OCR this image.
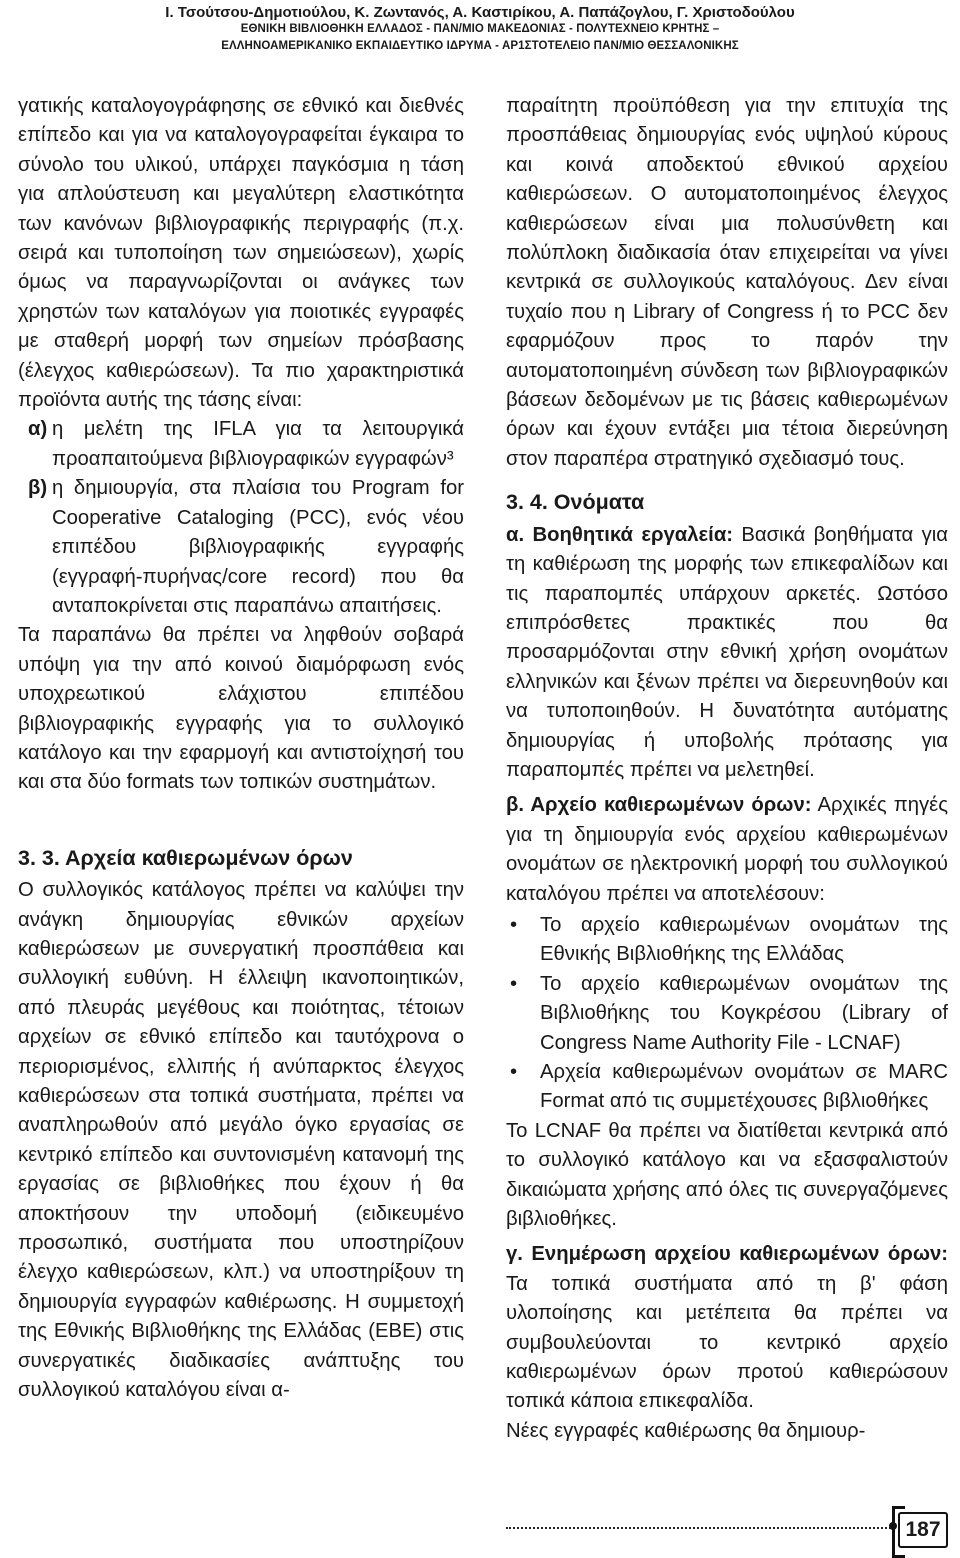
Ι. Τσούτσου-Δημοτιούλου, Κ. Ζωντανός, Α. Καστιρίκου, Α. Παπάζογλου, Γ. Χριστοδούλου
ΕΘΝΙΚΗ ΒΙΒΛΙΟΘΗΚΗ ΕΛΛΑΔΟΣ - ΠΑΝ/ΜΙΟ ΜΑΚΕΔΟΝΙΑΣ - ΠΟΛΥΤΕΧΝΕΙΟ ΚΡΗΤΗΣ –
ΕΛΛΗΝΟΑΜΕΡΙΚΑΝΙΚΟ ΕΚΠΑΙΔΕΥΤΙΚΟ ΙΔΡΥΜΑ - ΑΡ1ΣΤΟΤΕΛΕΙΟ ΠΑΝ/ΜΙΟ ΘΕΣΣΑΛΟΝΙΚΗΣ

γατικής καταλογογράφησης σε εθνικό και διεθνές επίπεδο και για να καταλογογραφείται έγκαιρα το σύνολο του υλικού, υπάρχει παγκόσμια η τάση για απλούστευση και μεγαλύτερη ελαστικότητα των κανόνων βιβλιογραφικής περιγραφής (π.χ. σειρά και τυποποίηση των σημειώσεων), χωρίς όμως να παραγνωρίζονται οι ανάγκες των χρηστών των καταλόγων για ποιοτικές εγγραφές με σταθερή μορφή των σημείων πρόσβασης (έλεγχος καθιερώσεων). Τα πιο χαρακτηριστικά προϊόντα αυτής της τάσης είναι:

α) η μελέτη της IFLA για τα λειτουργικά προαπαιτούμενα βιβλιογραφικών εγγραφών³
β) η δημιουργία, στα πλαίσια του Program for Cooperative Cataloging (PCC), ενός νέου επιπέδου βιβλιογραφικής εγγραφής (εγγραφή-πυρήνας/core record) που θα ανταποκρίνεται στις παραπάνω απαιτήσεις.

Τα παραπάνω θα πρέπει να ληφθούν σοβαρά υπόψη για την από κοινού διαμόρφωση ενός υποχρεωτικού ελάχιστου επιπέδου βιβλιογραφικής εγγραφής για το συλλογικό κατάλογο και την εφαρμογή και αντιστοίχησή του και στα δύο formats των τοπικών συστημάτων.

3. 3. Αρχεία καθιερωμένων όρων

Ο συλλογικός κατάλογος πρέπει να καλύψει την ανάγκη δημιουργίας εθνικών αρχείων καθιερώσεων με συνεργατική προσπάθεια και συλλογική ευθύνη. Η έλλειψη ικανοποιητικών, από πλευράς μεγέθους και ποιότητας, τέτοιων αρχείων σε εθνικό επίπεδο και ταυτόχρονα ο περιορισμένος, ελλιπής ή ανύπαρκτος έλεγχος καθιερώσεων στα τοπικά συστήματα, πρέπει να αναπληρωθούν από μεγάλο όγκο εργασίας σε κεντρικό επίπεδο και συντονισμένη κατανομή της εργασίας σε βιβλιοθήκες που έχουν ή θα αποκτήσουν την υποδομή (ειδικευμένο προσωπικό, συστήματα που υποστηρίζουν έλεγχο καθιερώσεων, κλπ.) να υποστηρίξουν τη δημιουργία εγγραφών καθιέρωσης. Η συμμετοχή της Εθνικής Βιβλιοθήκης της Ελλάδας (ΕΒΕ) στις συνεργατικές διαδικασίες ανάπτυξης του συλλογικού καταλόγου είναι α-

παραίτητη προϋπόθεση για την επιτυχία της προσπάθειας δημιουργίας ενός υψηλού κύρους και κοινά αποδεκτού εθνικού αρχείου καθιερώσεων. Ο αυτοματοποιημένος έλεγχος καθιερώσεων είναι μια πολυσύνθετη και πολύπλοκη διαδικασία όταν επιχειρείται να γίνει κεντρικά σε συλλογικούς καταλόγους. Δεν είναι τυχαίο που η Library of Congress ή το PCC δεν εφαρμόζουν προς το παρόν την αυτοματοποιημένη σύνδεση των βιβλιογραφικών βάσεων δεδομένων με τις βάσεις καθιερωμένων όρων και έχουν εντάξει μια τέτοια διερεύνηση στον παραπέρα στρατηγικό σχεδιασμό τους.

3. 4. Ονόματα

α. Βοηθητικά εργαλεία: Βασικά βοηθήματα για τη καθιέρωση της μορφής των επικεφαλίδων και τις παραπομπές υπάρχουν αρκετές. Ωστόσο επιπρόσθετες πρακτικές που θα προσαρμόζονται στην εθνική χρήση ονομάτων ελληνικών και ξένων πρέπει να διερευνηθούν και να τυποποιηθούν. Η δυνατότητα αυτόματης δημιουργίας ή υποβολής πρότασης για παραπομπές πρέπει να μελετηθεί.

β. Αρχείο καθιερωμένων όρων: Αρχικές πηγές για τη δημιουργία ενός αρχείου καθιερωμένων ονομάτων σε ηλεκτρονική μορφή του συλλογικού καταλόγου πρέπει να αποτελέσουν:

• Το αρχείο καθιερωμένων ονομάτων της Εθνικής Βιβλιοθήκης της Ελλάδας
• Το αρχείο καθιερωμένων ονομάτων της Βιβλιοθήκης του Κογκρέσου (Library of Congress Name Authority File - LCNAF)
• Αρχεία καθιερωμένων ονομάτων σε MARC Format από τις συμμετέχουσες βιβλιοθήκες

Το LCNAF θα πρέπει να διατίθεται κεντρικά από το συλλογικό κατάλογο και να εξασφαλιστούν δικαιώματα χρήσης από όλες τις συνεργαζόμενες βιβλιοθήκες.

γ. Ενημέρωση αρχείου καθιερωμένων όρων: Τα τοπικά συστήματα από τη β' φάση υλοποίησης και μετέπειτα θα πρέπει να συμβουλεύονται το κεντρικό αρχείο καθιερωμένων όρων προτού καθιερώσουν τοπικά κάποια επικεφαλίδα.

Νέες εγγραφές καθιέρωσης θα δημιουρ-

187
